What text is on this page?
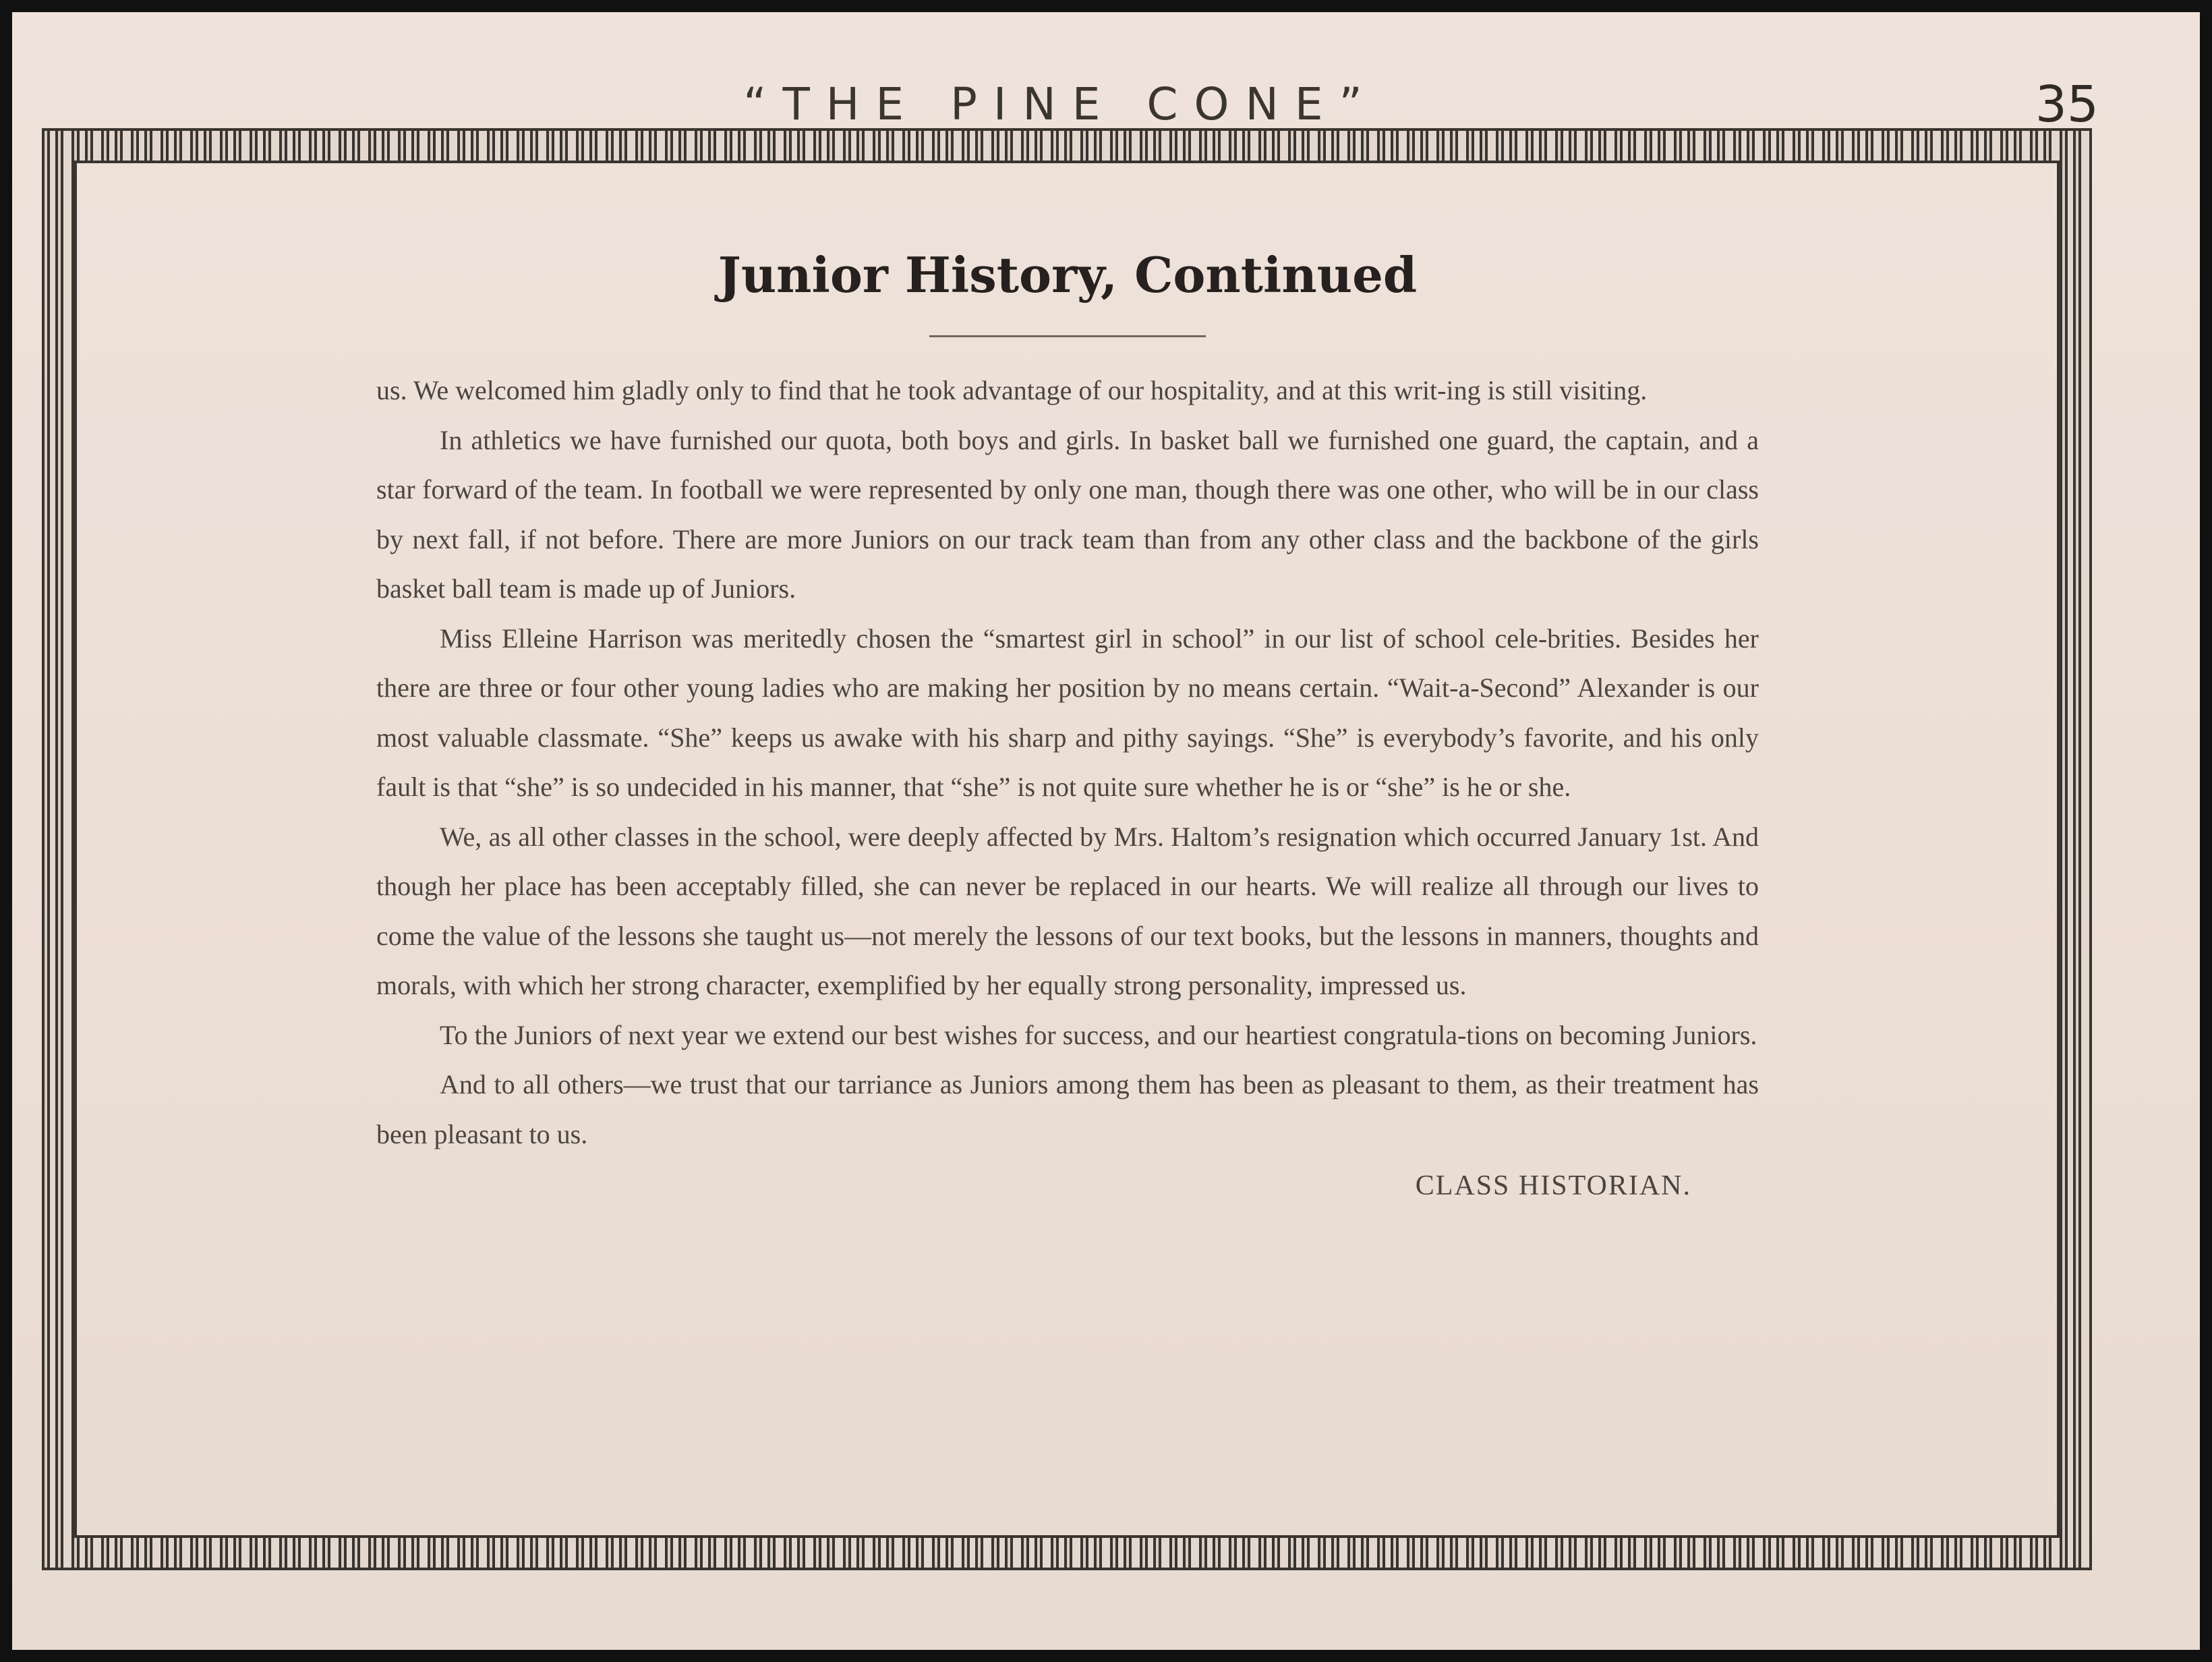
“THE PINE CONE”	35
Junior History, Continued

us. We welcomed him gladly only to find that he took advantage of our hospitality, and at this writ-ing is still visiting.

In athletics we have furnished our quota, both boys and girls. In basket ball we furnished one guard, the captain, and a star forward of the team. In football we were represented by only one man, though there was one other, who will be in our class by next fall, if not before. There are more Juniors on our track team than from any other class and the backbone of the girls basket ball team is made up of Juniors.

Miss Elleine Harrison was meritedly chosen the “smartest girl in school” in our list of school cele-brities. Besides her there are three or four other young ladies who are making her position by no means certain. “Wait-a-Second” Alexander is our most valuable classmate. “She” keeps us awake with his sharp and pithy sayings. “She” is everybody’s favorite, and his only fault is that “she” is so undecided in his manner, that “she” is not quite sure whether he is or “she” is he or she.

We, as all other classes in the school, were deeply affected by Mrs. Haltom’s resignation which occurred January 1st. And though her place has been acceptably filled, she can never be replaced in our hearts. We will realize all through our lives to come the value of the lessons she taught us—not merely the lessons of our text books, but the lessons in manners, thoughts and morals, with which her strong character, exemplified by her equally strong personality, impressed us.

To the Juniors of next year we extend our best wishes for success, and our heartiest congratula-tions on becoming Juniors.

And to all others—we trust that our tarriance as Juniors among them has been as pleasant to them, as their treatment has been pleasant to us.

CLASS HISTORIAN.
